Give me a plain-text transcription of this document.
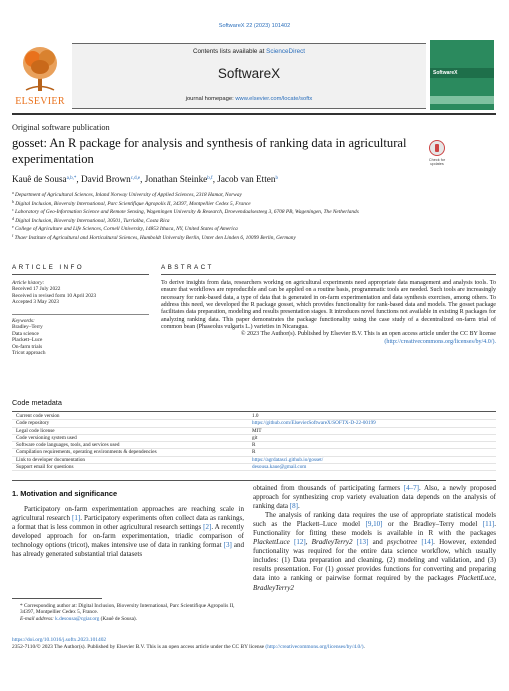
SoftwareX 22 (2023) 101402
ELSEVIER
Contents lists available at ScienceDirect
SoftwareX
journal homepage: www.elsevier.com/locate/softx
SoftwareX
Original software publication
gosset: An R package for analysis and synthesis of ranking data in agricultural experimentation	Check for updates
Kauê de Sousa$^{a,b,*}$, David Brown$^{c,d,e}$, Jonathan Steinke$^{b,f}$, Jacob van Etten$^b$
$^a$ Department of Agricultural Sciences, Inland Norway University of Applied Sciences, 2318 Hamar, Norway
$^b$ Digital Inclusion, Bioversity International, Parc Scientifique Agropolis II, 34397, Montpellier Cedex 5, France
$^c$ Laboratory of Geo-Information Science and Remote Sensing, Wageningen University & Research, Droevendaalsesteeg 3, 6708 PB, Wageningen, The Netherlands
$^d$ Digital Inclusion, Bioversity International, 30501, Turrialba, Costa Rica
$^e$ College of Agriculture and Life Sciences, Cornell University, 14853 Ithaca, NY, United States of America
$^f$ Thaer Institute of Agricultural and Horticultural Sciences, Humboldt University Berlin, Unter den Linden 6, 10099 Berlin, Germany
ARTICLE INFO	ABSTRACT
Article history:
Received 17 July 2022
Received in revised form 10 April 2023
Accepted 3 May 2023
Keywords:
Bradley–Terry
Data science
Plackett–Luce
On-farm trials
Tricot approach
To derive insights from data, researchers working on agricultural experiments need appropriate data management and analysis tools. To ensure that workflows are reproducible and can be applied on a routine basis, programmatic tools are needed. Such tools are increasingly necessary for rank-based data, a type of data that is generated in on-farm experimentation and data synthesis exercises, among others. To address this need, we developed the R package gosset, which provides functionality for rank-based data and models. The gosset package facilitates data preparation, modeling and results presentation stages. It introduces novel functions not available in existing R packages for analyzing ranking data. This paper demonstrates the package functionality using the case study of a decentralized on-farm trial of common bean (Phaseolus vulgaris L.) varieties in Nicaragua.
© 2023 The Author(s). Published by Elsevier B.V. This is an open access article under the CC BY license (http://creativecommons.org/licenses/by/4.0/).
Code metadata
Current code version	1.0
Code repository	https://github.com/ElsevierSoftwareX/SOFTX-D-22-00199
Legal code license	MIT
Code versioning system used	git
Software code languages, tools, and services used	R
Compilation requirements, operating environments & dependencies	R
Link to developer documentation	https://agrdatasci.github.io/gosset/
Support email for questions	desousa.kaue@gmail.com
1. Motivation and significance

Participatory on-farm experimentation approaches are reaching scale in agricultural research [1]. Participatory experiments often collect data as rankings, a format that is less common in other agricultural research settings [2]. A recently developed approach for on-farm experimentation, triadic comparison of technology options (tricot), makes intensive use of data in ranking format [3] and has already generated substantial trial datasets

obtained from thousands of participating farmers [4–7]. Also, a newly proposed approach for synthesizing crop variety evaluation data depends on the analysis of ranking data [8].

The analysis of ranking data requires the use of appropriate statistical models such as the Plackett–Luce model [9,10] or the Bradley–Terry model [11]. Functionality for fitting these models is available in R with the packages PlackettLuce [12], BradleyTerry2 [13] and psychotree [14]. However, extended functionality was required for the entire data science workflow, which usually includes: (1) Data preparation and cleaning, (2) modeling and validation, and (3) results presentation. For (1) gosset provides functions for converting and preparing data into a ranking or pairwise format required by the packages PlackettLuce, BradleyTerry2

* Corresponding author at: Digital Inclusion, Bioversity International, Parc Scientifique Agropolis II, 34397, Montpellier Cedex 5, France.
E-mail address: k.desousa@cgiar.org (Kauê de Sousa).
https://doi.org/10.1016/j.softx.2023.101402
2352-7110/© 2023 The Author(s). Published by Elsevier B.V. This is an open access article under the CC BY license (http://creativecommons.org/licenses/by/4.0/).
